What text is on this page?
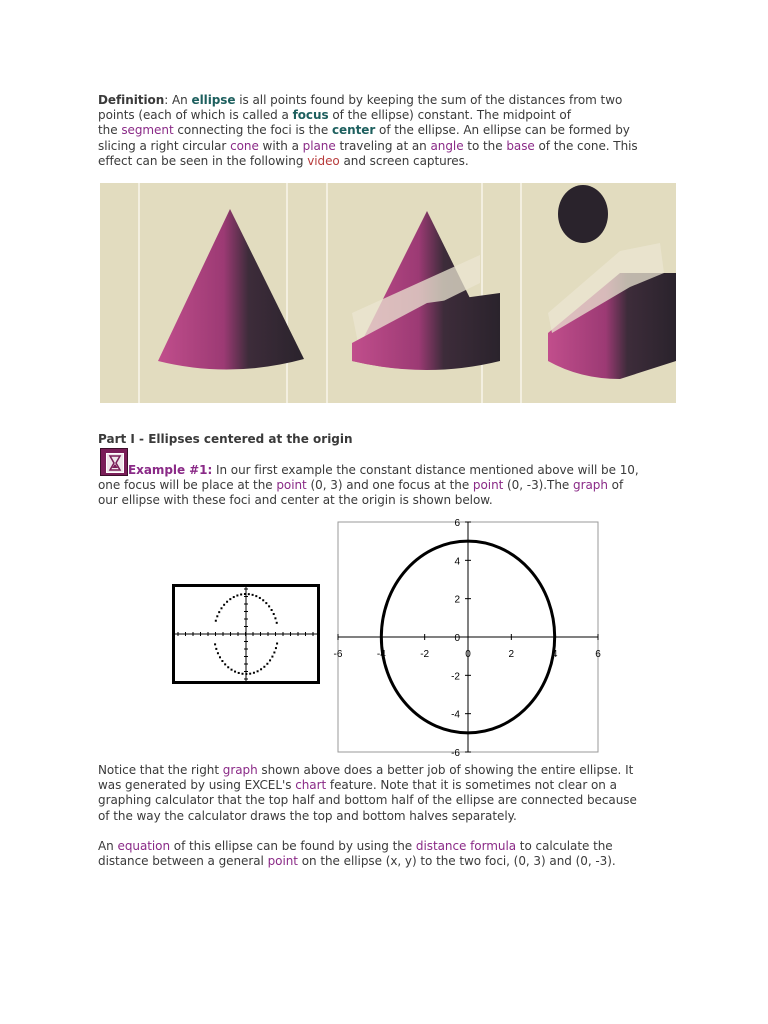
Definition: An ellipse is all points found by keeping the sum of the distances from two
points (each of which is called a focus of the ellipse) constant. The midpoint of
the segment connecting the foci is the center of the ellipse. An ellipse can be formed by
slicing a right circular cone with a plane traveling at an angle to the base of the cone. This
effect can be seen in the following video and screen captures.
Part I - Ellipses centered at the origin
Example #1: In our first example the constant distance mentioned above will be 10,
one focus will be place at the point (0, 3) and one focus at the point (0, -3).The graph of
our ellipse with these foci and center at the origin is shown below.
-6	-4	-2	0	2	4	6
6
4
2
0
-2
-4
-6
Notice that the right graph shown above does a better job of showing the entire ellipse. It
was generated by using EXCEL's chart feature. Note that it is sometimes not clear on a
graphing calculator that the top half and bottom half of the ellipse are connected because
of the way the calculator draws the top and bottom halves separately.
An equation of this ellipse can be found by using the distance formula to calculate the
distance between a general point on the ellipse (x, y) to the two foci, (0, 3) and (0, -3).
